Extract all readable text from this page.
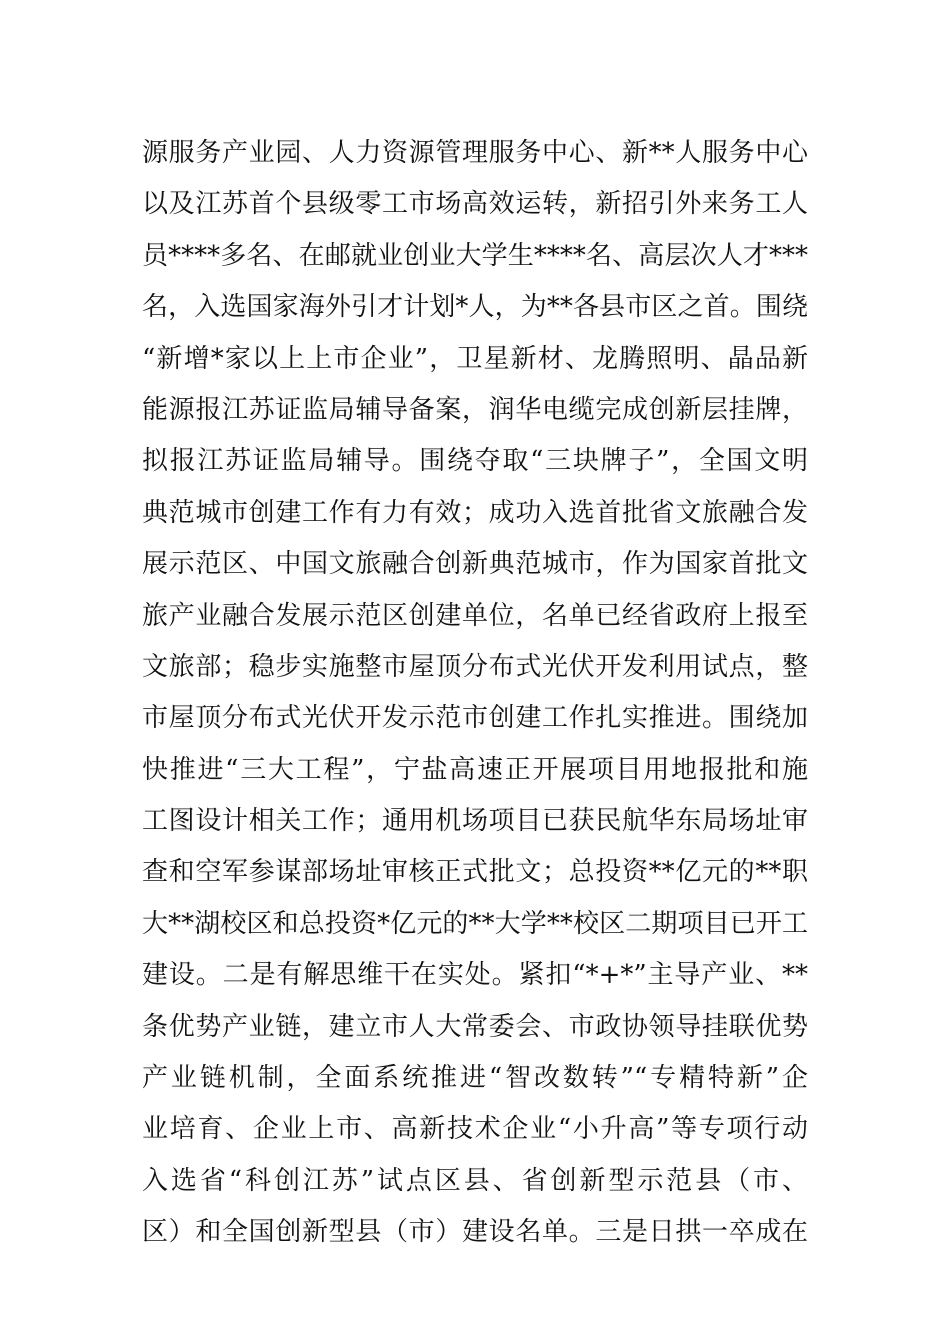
源服务产业园、人力资源管理服务中心、新**人服务中心
以及江苏首个县级零工市场高效运转，新招引外来务工人
员****多名、在邮就业创业大学生****名、高层次人才***
名，入选国家海外引才计划*人，为**各县市区之首。围绕
“新增*家以上上市企业”，卫星新材、龙腾照明、晶品新
能源报江苏证监局辅导备案，润华电缆完成创新层挂牌，
拟报江苏证监局辅导。围绕夺取“三块牌子”，全国文明
典范城市创建工作有力有效；成功入选首批省文旅融合发
展示范区、中国文旅融合创新典范城市，作为国家首批文
旅产业融合发展示范区创建单位，名单已经省政府上报至
文旅部；稳步实施整市屋顶分布式光伏开发利用试点，整
市屋顶分布式光伏开发示范市创建工作扎实推进。围绕加
快推进“三大工程”，宁盐高速正开展项目用地报批和施
工图设计相关工作；通用机场项目已获民航华东局场址审
查和空军参谋部场址审核正式批文；总投资**亿元的**职
大**湖校区和总投资*亿元的**大学**校区二期项目已开工
建设。二是有解思维干在实处。紧扣“*+*”主导产业、**
条优势产业链，建立市人大常委会、市政协领导挂联优势
产业链机制，全面系统推进“智改数转”“专精特新”企
业培育、企业上市、高新技术企业“小升高”等专项行动
入选省“科创江苏”试点区县、省创新型示范县（市、
区）和全国创新型县（市）建设名单。三是日拱一卒成在
